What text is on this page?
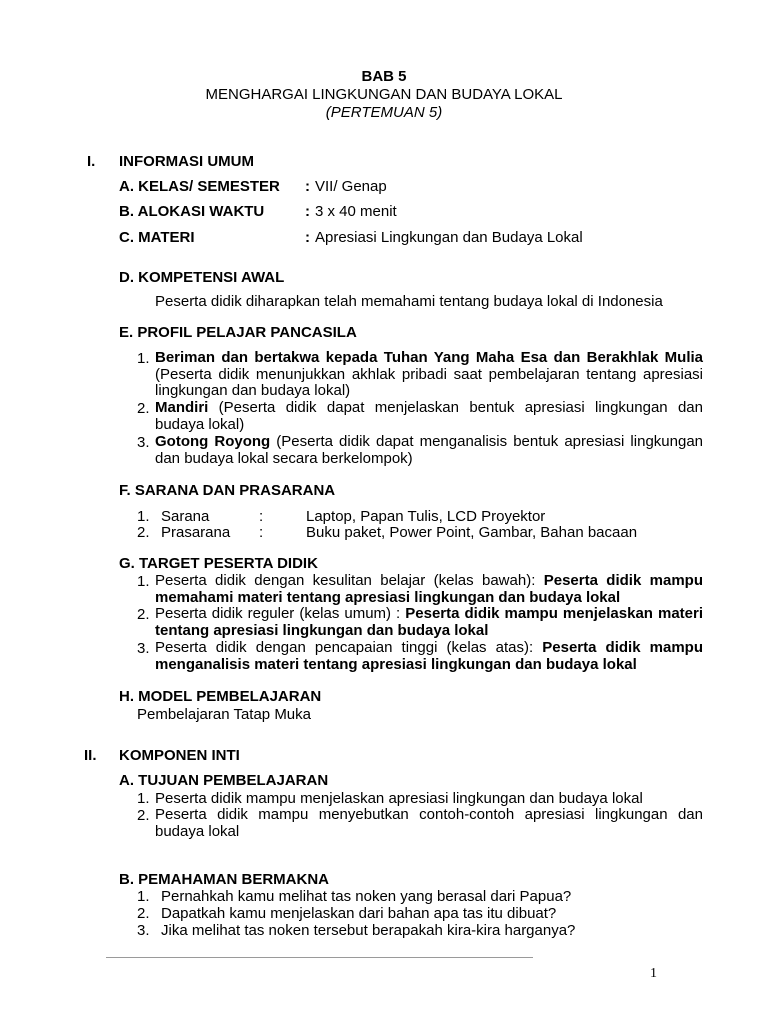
BAB 5
MENGHARGAI LINGKUNGAN DAN BUDAYA LOKAL
(PERTEMUAN 5)
I. INFORMASI UMUM
A. KELAS/ SEMESTER : VII/ Genap
B. ALOKASI WAKTU	: 3 x 40 menit
C. MATERI	: Apresiasi Lingkungan dan Budaya Lokal
D. KOMPETENSI AWAL
Peserta didik diharapkan telah memahami tentang budaya lokal di Indonesia
E. PROFIL PELAJAR PANCASILA
1. Beriman dan bertakwa kepada Tuhan Yang Maha Esa dan Berakhlak Mulia (Peserta didik menunjukkan akhlak pribadi saat pembelajaran tentang apresiasi lingkungan dan budaya lokal)
2. Mandiri (Peserta didik dapat menjelaskan bentuk apresiasi lingkungan dan budaya lokal)
3. Gotong Royong (Peserta didik dapat menganalisis bentuk apresiasi lingkungan dan budaya lokal secara berkelompok)
F. SARANA DAN PRASARANA
1. Sarana	:	Laptop, Papan Tulis, LCD Proyektor
2. Prasarana :	Buku paket, Power Point, Gambar, Bahan bacaan
G. TARGET PESERTA DIDIK
1. Peserta didik dengan kesulitan belajar (kelas bawah): Peserta didik mampu memahami materi tentang apresiasi lingkungan dan budaya lokal
2. Peserta didik reguler (kelas umum) : Peserta didik mampu menjelaskan materi tentang apresiasi lingkungan dan budaya lokal
3. Peserta didik dengan pencapaian tinggi (kelas atas): Peserta didik mampu menganalisis materi tentang apresiasi lingkungan dan budaya lokal
H. MODEL PEMBELAJARAN
Pembelajaran Tatap Muka
II. KOMPONEN INTI
A. TUJUAN PEMBELAJARAN
1. Peserta didik mampu menjelaskan apresiasi lingkungan dan budaya lokal
2. Peserta didik mampu menyebutkan contoh-contoh apresiasi lingkungan dan budaya lokal
B. PEMAHAMAN BERMAKNA
1. Pernahkah kamu melihat tas noken yang berasal dari Papua?
2. Dapatkah kamu menjelaskan dari bahan apa tas itu dibuat?
3. Jika melihat tas noken tersebut berapakah kira-kira harganya?
1
